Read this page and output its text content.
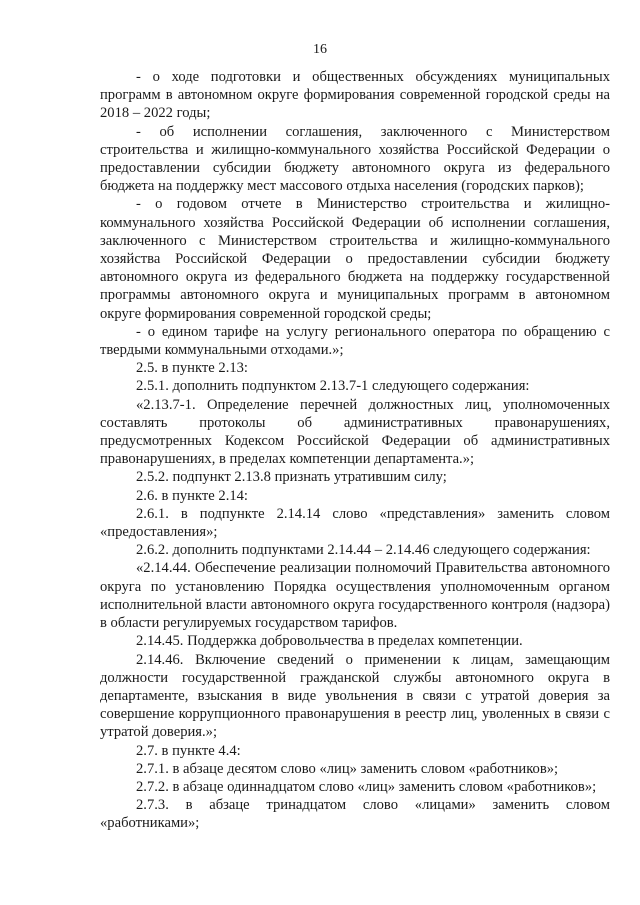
16

- о ходе подготовки и общественных обсуждениях муниципальных программ в автономном округе формирования современной городской среды на 2018 – 2022 годы;

- об исполнении соглашения, заключенного с Министерством строительства и жилищно-коммунального хозяйства Российской Федерации о предоставлении субсидии бюджету автономного округа из федерального бюджета на поддержку мест массового отдыха населения (городских парков);

- о годовом отчете в Министерство строительства и жилищно-коммунального хозяйства Российской Федерации об исполнении соглашения, заключенного с Министерством строительства и жилищно-коммунального хозяйства Российской Федерации о предоставлении субсидии бюджету автономного округа из федерального бюджета на поддержку государственной программы автономного округа и муниципальных программ в автономном округе формирования современной городской среды;

- о едином тарифе на услугу регионального оператора по обращению с твердыми коммунальными отходами.»;

2.5. в пункте 2.13:

2.5.1. дополнить подпунктом 2.13.7-1 следующего содержания:

«2.13.7-1. Определение перечней должностных лиц, уполномоченных составлять протоколы об административных правонарушениях, предусмотренных Кодексом Российской Федерации об административных правонарушениях, в пределах компетенции департамента.»;

2.5.2. подпункт 2.13.8 признать утратившим силу;

2.6. в пункте 2.14:

2.6.1. в подпункте 2.14.14 слово «представления» заменить словом «предоставления»;

2.6.2. дополнить подпунктами 2.14.44 – 2.14.46 следующего содержания:

«2.14.44. Обеспечение реализации полномочий Правительства автономного округа по установлению Порядка осуществления уполномоченным органом исполнительной власти автономного округа государственного контроля (надзора) в области регулируемых государством тарифов.

2.14.45. Поддержка добровольчества в пределах компетенции.

2.14.46. Включение сведений о применении к лицам, замещающим должности государственной гражданской службы автономного округа в департаменте, взыскания в виде увольнения в связи с утратой доверия за совершение коррупционного правонарушения в реестр лиц, уволенных в связи с утратой доверия.»;

2.7. в пункте 4.4:

2.7.1. в абзаце десятом слово «лиц» заменить словом «работников»;

2.7.2. в абзаце одиннадцатом слово «лиц» заменить словом «работников»;

2.7.3. в абзаце тринадцатом слово «лицами» заменить словом «работниками»;
